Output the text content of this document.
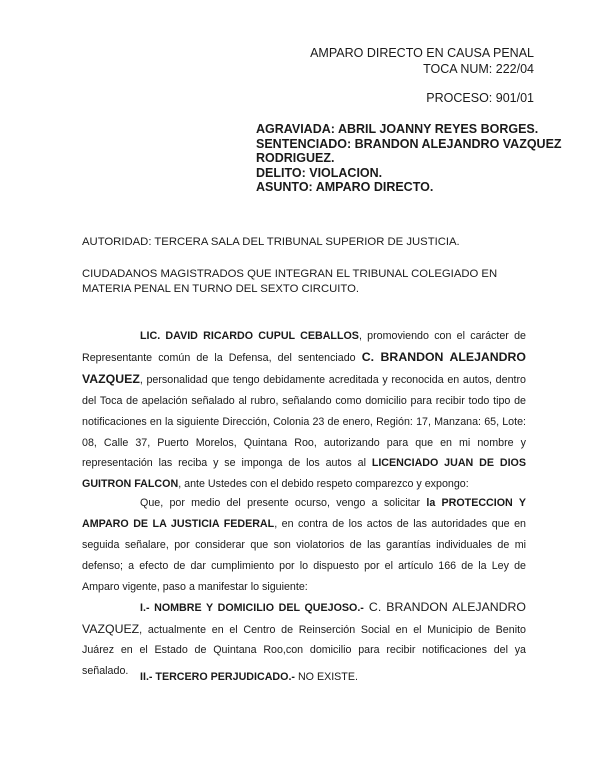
AMPARO DIRECTO EN CAUSA PENAL
TOCA NUM: 222/04
PROCESO: 901/01
AGRAVIADA: ABRIL JOANNY REYES BORGES.
SENTENCIADO: BRANDON ALEJANDRO VAZQUEZ
RODRIGUEZ.
DELITO: VIOLACION.
ASUNTO: AMPARO DIRECTO.
AUTORIDAD: TERCERA SALA DEL TRIBUNAL SUPERIOR DE JUSTICIA.
CIUDADANOS MAGISTRADOS QUE INTEGRAN EL TRIBUNAL COLEGIADO EN MATERIA PENAL EN TURNO DEL SEXTO CIRCUITO.
LIC. DAVID RICARDO CUPUL CEBALLOS, promoviendo con el carácter de Representante común de la Defensa, del sentenciado C. BRANDON ALEJANDRO VAZQUEZ, personalidad que tengo debidamente acreditada y reconocida en autos, dentro del Toca de apelación señalado al rubro, señalando como domicilio para recibir todo tipo de notificaciones en la siguiente Dirección, Colonia 23 de enero, Región: 17, Manzana: 65, Lote: 08, Calle 37, Puerto Morelos, Quintana Roo, autorizando para que en mi nombre y representación las reciba y se imponga de los autos al LICENCIADO JUAN DE DIOS GUITRON FALCON, ante Ustedes con el debido respeto comparezco y expongo:
Que, por medio del presente ocurso, vengo a solicitar la PROTECCION Y AMPARO DE LA JUSTICIA FEDERAL, en contra de los actos de las autoridades que en seguida señalare, por considerar que son violatorios de las garantías individuales de mi defenso; a efecto de dar cumplimiento por lo dispuesto por el artículo 166 de la Ley de Amparo vigente, paso a manifestar lo siguiente:
I.- NOMBRE Y DOMICILIO DEL QUEJOSO.- C. BRANDON ALEJANDRO VAZQUEZ, actualmente en el Centro de Reinserción Social en el Municipio de Benito Juárez en el Estado de Quintana Roo,con domicilio para recibir notificaciones del ya señalado.
II.- TERCERO PERJUDICADO.- NO EXISTE.
